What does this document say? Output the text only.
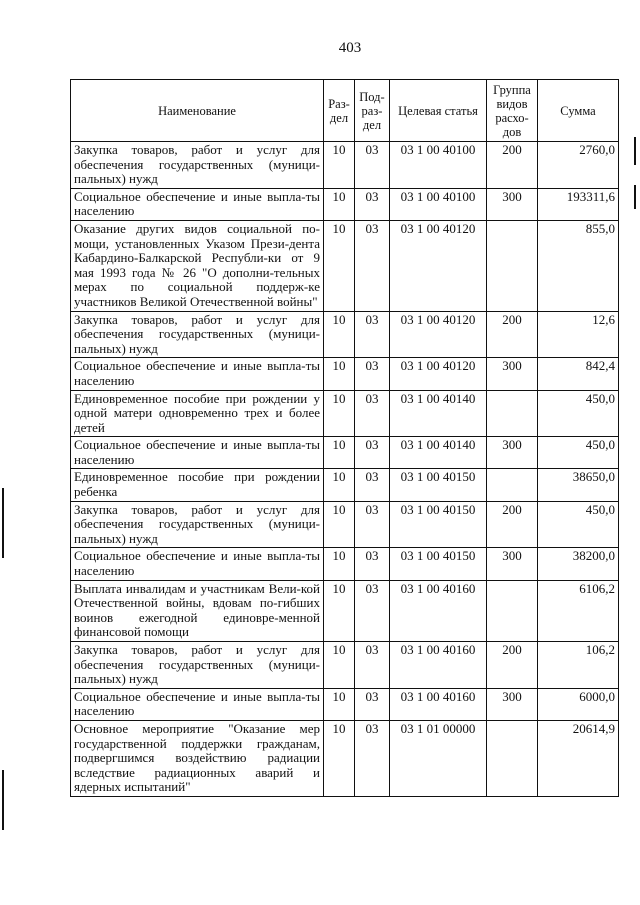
403
Наименование	Раз-дел	Под-раз-дел	Целевая статья	Группа видов расхо-дов	Сумма
Закупка товаров, работ и услуг для обеспечения государственных (муници-пальных) нужд	10	03	03 1 00 40100	200	2760,0
Социальное обеспечение и иные выпла-ты населению	10	03	03 1 00 40100	300	193311,6
Оказание других видов социальной по-мощи, установленных Указом Прези-дента Кабардино-Балкарской Республи-ки от 9 мая 1993 года № 26 "О дополни-тельных мерах по социальной поддерж-ке участников Великой Отечественной войны"	10	03	03 1 00 40120		855,0
Закупка товаров, работ и услуг для обеспечения государственных (муници-пальных) нужд	10	03	03 1 00 40120	200	12,6
Социальное обеспечение и иные выпла-ты населению	10	03	03 1 00 40120	300	842,4
Единовременное пособие при рождении у одной матери одновременно трех и более детей	10	03	03 1 00 40140		450,0
Социальное обеспечение и иные выпла-ты населению	10	03	03 1 00 40140	300	450,0
Единовременное пособие при рождении ребенка	10	03	03 1 00 40150		38650,0
Закупка товаров, работ и услуг для обеспечения государственных (муници-пальных) нужд	10	03	03 1 00 40150	200	450,0
Социальное обеспечение и иные выпла-ты населению	10	03	03 1 00 40150	300	38200,0
Выплата инвалидам и участникам Вели-кой Отечественной войны, вдовам по-гибших воинов ежегодной единовре-менной финансовой помощи	10	03	03 1 00 40160		6106,2
Закупка товаров, работ и услуг для обеспечения государственных (муници-пальных) нужд	10	03	03 1 00 40160	200	106,2
Социальное обеспечение и иные выпла-ты населению	10	03	03 1 00 40160	300	6000,0
Основное мероприятие "Оказание мер государственной поддержки гражданам, подвергшимся воздействию радиации вследствие радиационных аварий и ядерных испытаний"	10	03	03 1 01 00000		20614,9
